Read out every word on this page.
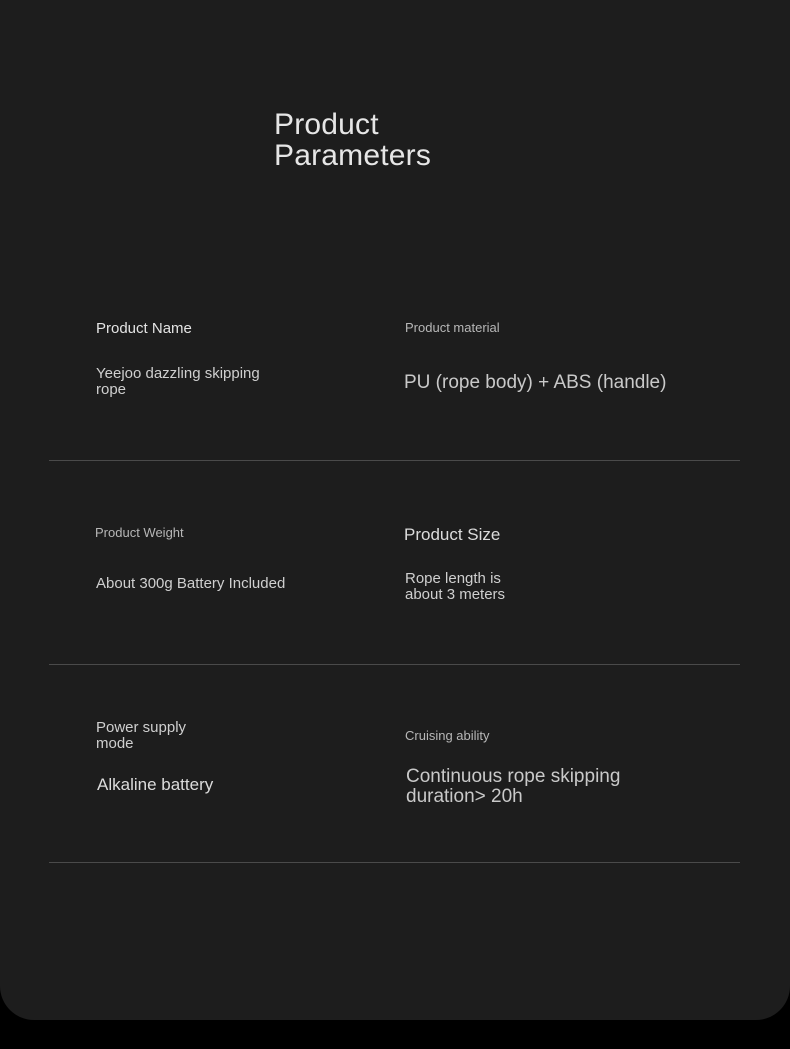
Product Parameters
Product Name
Yeejoo dazzling skipping rope
Product material
PU (rope body) + ABS (handle)
Product Weight
About 300g Battery Included
Product Size
Rope length is about 3 meters
Power supply mode
Alkaline battery
Cruising ability
Continuous rope skipping duration> 20h
